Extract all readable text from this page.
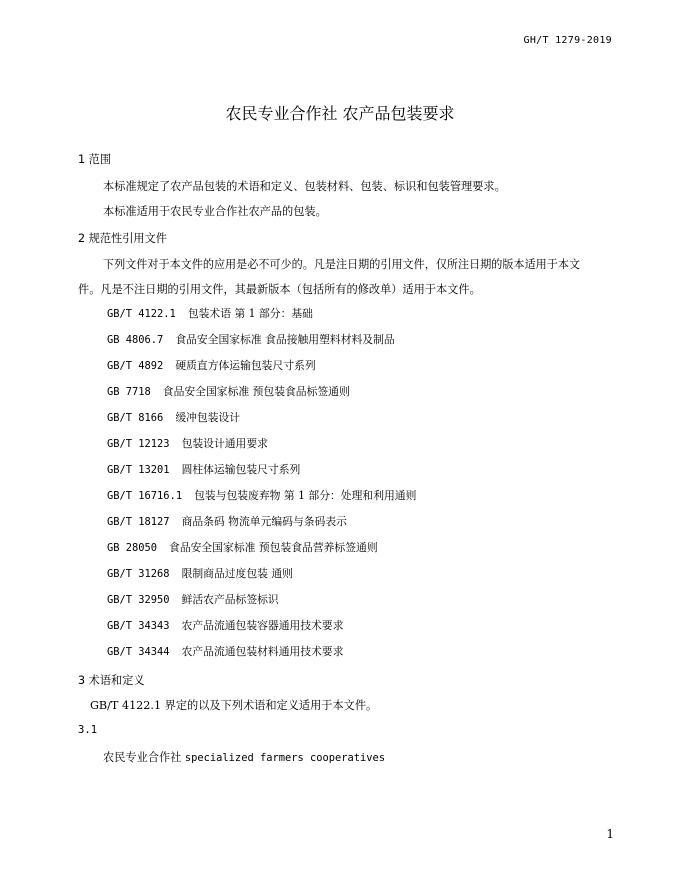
GH/T 1279-2019
农民专业合作社 农产品包装要求
1 范围
本标准规定了农产品包装的术语和定义、包装材料、包装、标识和包装管理要求。
本标准适用于农民专业合作社农产品的包装。
2 规范性引用文件
下列文件对于本文件的应用是必不可少的。凡是注日期的引用文件，仅所注日期的版本适用于本文
件。凡是不注日期的引用文件，其最新版本（包括所有的修改单）适用于本文件。
GB/T 4122.1 包装术语 第 1 部分：基础
GB 4806.7 食品安全国家标准 食品接触用塑料材料及制品
GB/T 4892 硬质直方体运输包装尺寸系列
GB 7718 食品安全国家标准 预包装食品标签通则
GB/T 8166 缓冲包装设计
GB/T 12123 包装设计通用要求
GB/T 13201 圆柱体运输包装尺寸系列
GB/T 16716.1 包装与包装废弃物 第 1 部分：处理和利用通则
GB/T 18127 商品条码 物流单元编码与条码表示
GB 28050 食品安全国家标准 预包装食品营养标签通则
GB/T 31268 限制商品过度包装 通则
GB/T 32950 鲜活农产品标签标识
GB/T 34343 农产品流通包装容器通用技术要求
GB/T 34344 农产品流通包装材料通用技术要求
3 术语和定义
GB/T 4122.1 界定的以及下列术语和定义适用于本文件。
3.1
农民专业合作社 specialized farmers cooperatives
1
